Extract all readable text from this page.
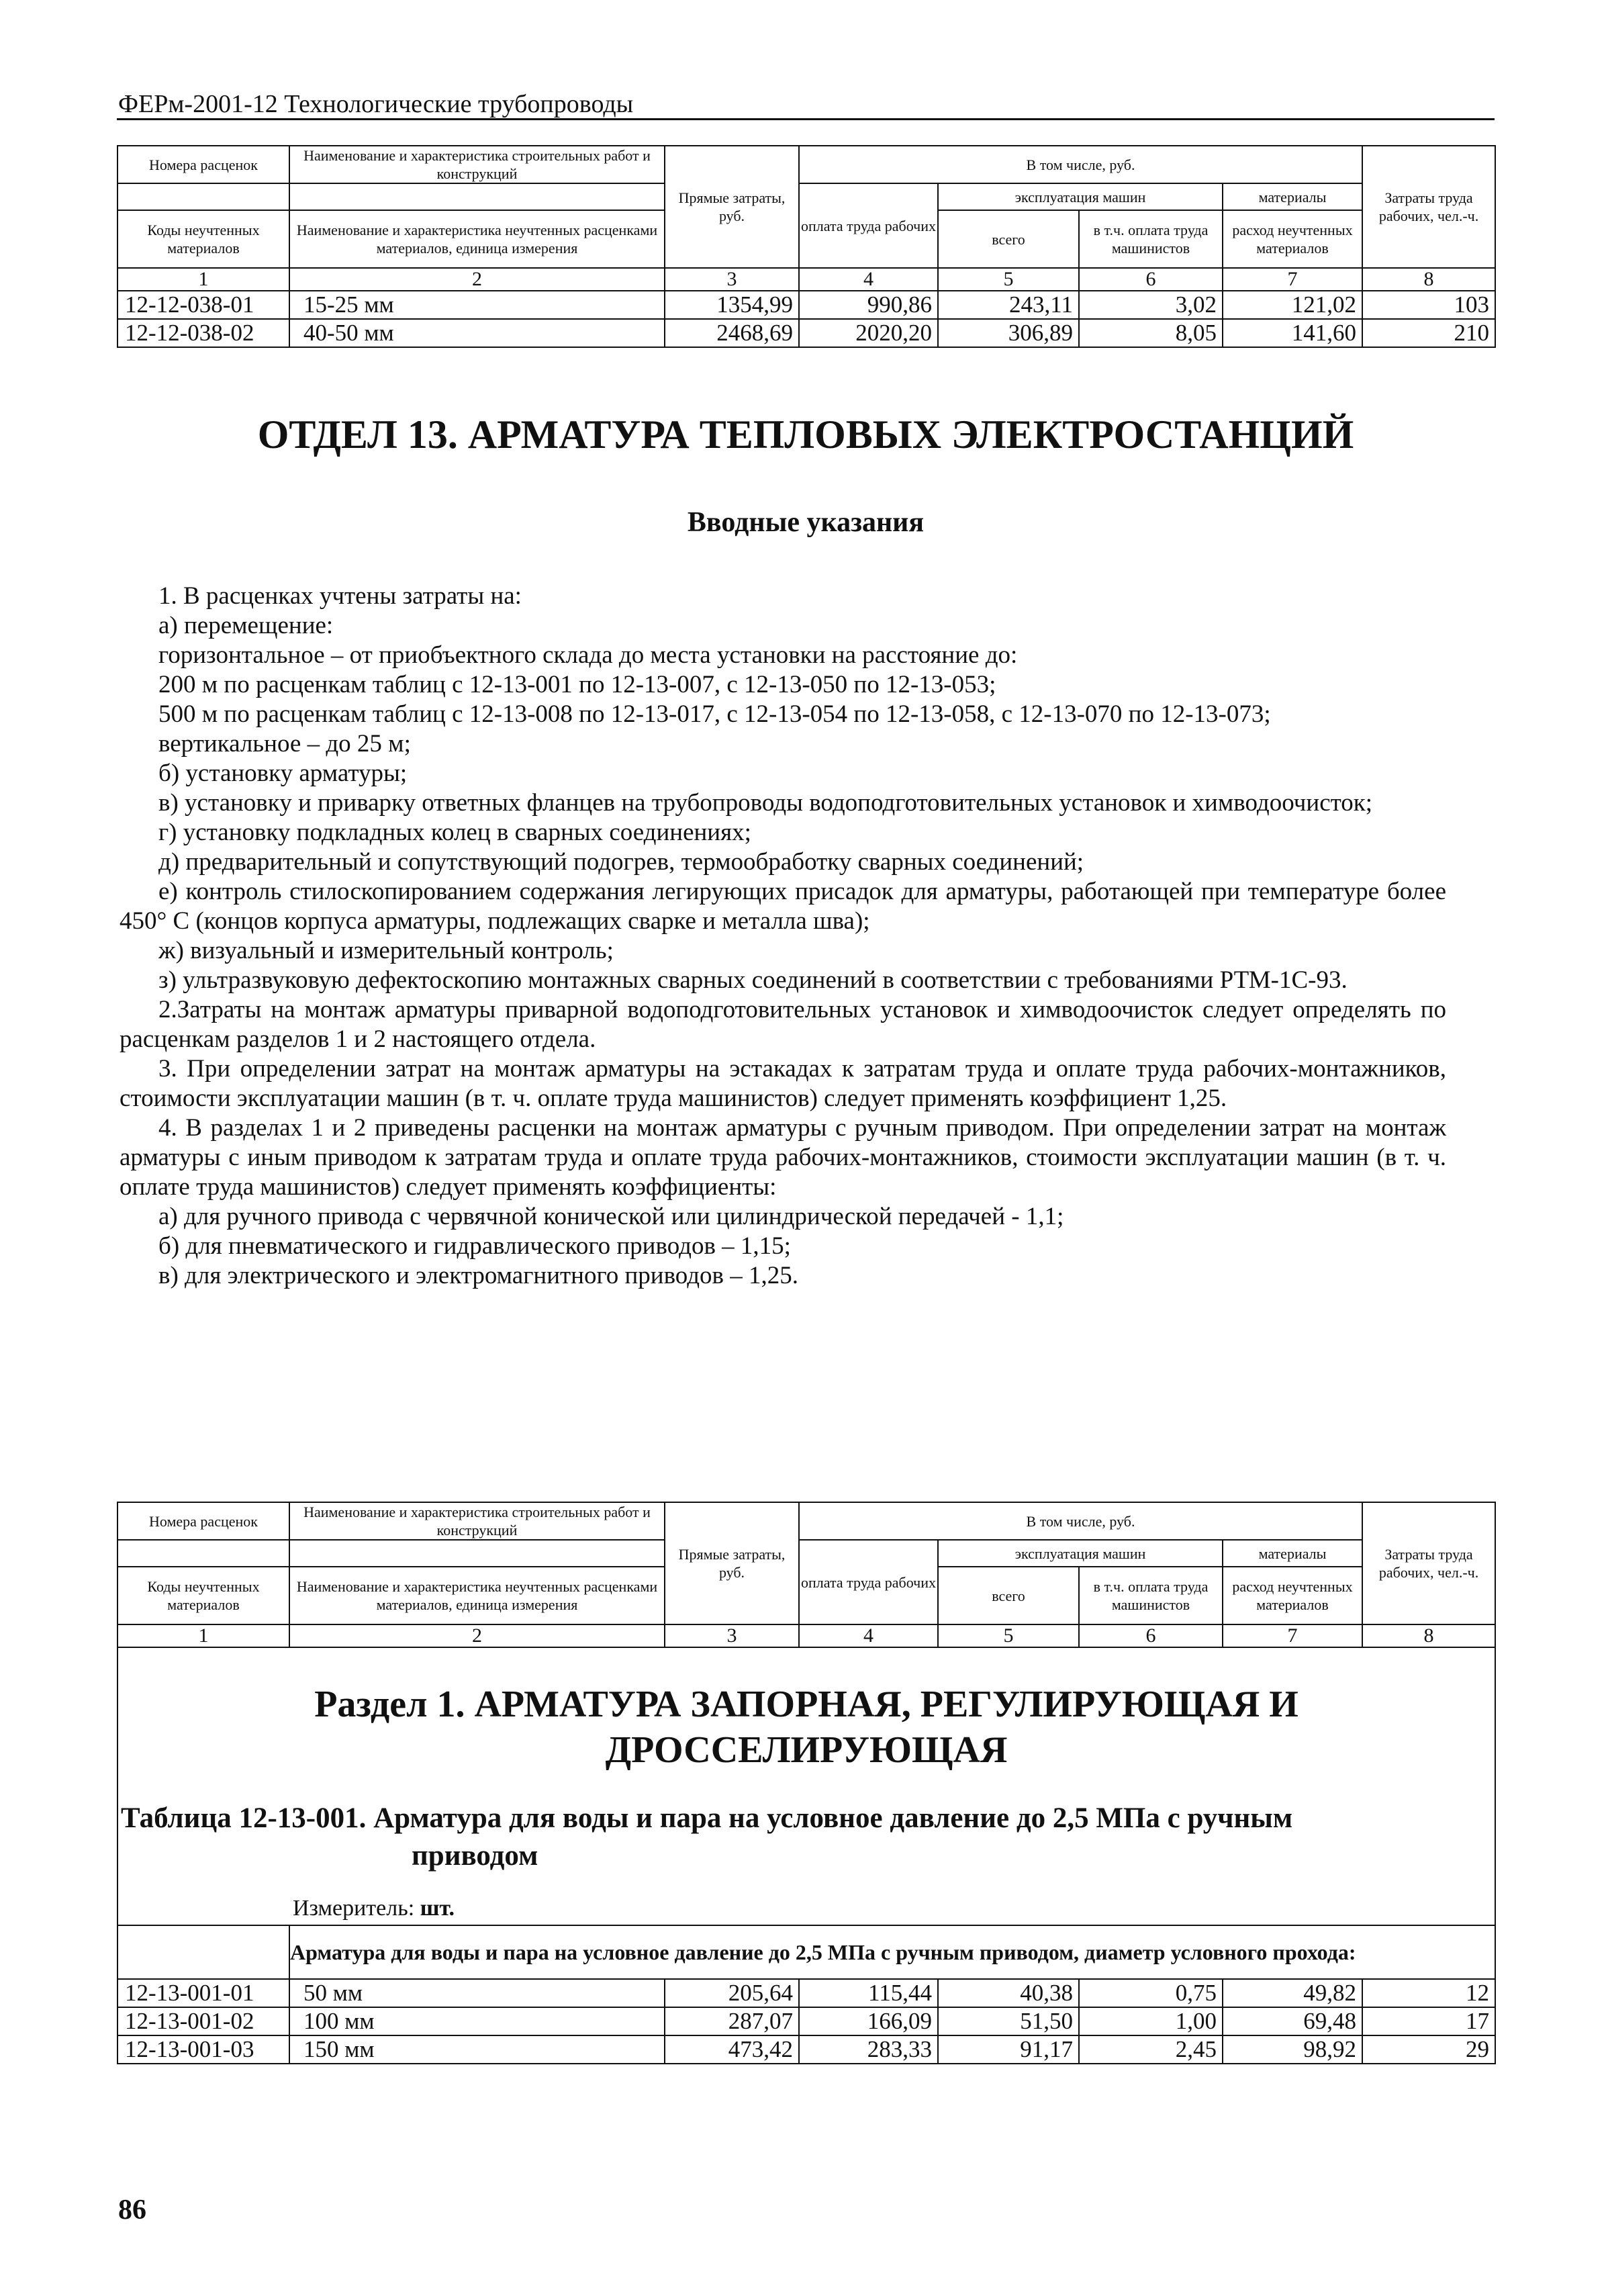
ФЕРм-2001-12 Технологические трубопроводы
Номера расценок	Наименование и характеристика строительных работ и конструкций	Прямые затраты, руб.	В том числе, руб.				Затраты труда рабочих, чел.-ч.
			оплата труда рабочих	эксплуатация машин		материалы	
Коды неучтенных материалов	Наименование и характеристика неучтенных расценками материалов, единица измерения			всего	в т.ч. оплата труда машинистов	расход неучтенных материалов	

1	2	3	4	5	6	7	8
12-12-038-01	15-25 мм	1354,99	990,86	243,11	3,02	121,02	103
12-12-038-02	40-50 мм	2468,69	2020,20	306,89	8,05	141,60	210
ОТДЕЛ 13. АРМАТУРА ТЕПЛОВЫХ ЭЛЕКТРОСТАНЦИЙ
Вводные указания

1. В расценках учтены затраты на:

а) перемещение:

горизонтальное – от приобъектного склада до места установки на расстояние до:

200 м по расценкам таблиц с 12-13-001 по 12-13-007, с 12-13-050 по 12-13-053;

500 м по расценкам таблиц с 12-13-008 по 12-13-017, с 12-13-054 по 12-13-058, с 12-13-070 по 12-13-073;

вертикальное – до 25 м;

б) установку арматуры;

в) установку и приварку ответных фланцев на трубопроводы водоподготовительных установок и химводоочисток;

г) установку подкладных колец в сварных соединениях;

д) предварительный и сопутствующий подогрев, термообработку сварных соединений;

е) контроль стилоскопированием содержания легирующих присадок для арматуры, работающей при температуре более 450° С (концов корпуса арматуры, подлежащих сварке и металла шва);

ж) визуальный и измерительный контроль;

з) ультразвуковую дефектоскопию монтажных сварных соединений в соответствии с требованиями РТМ-1С-93.

2.Затраты на монтаж арматуры приварной водоподготовительных установок и химводоочисток следует определять по расценкам разделов 1 и 2 настоящего отдела.

3. При определении затрат на монтаж арматуры на эстакадах к затратам труда и оплате труда рабочих-монтажников, стоимости эксплуатации машин (в т. ч. оплате труда машинистов) следует применять коэффициент 1,25.

4. В разделах 1 и 2 приведены расценки на монтаж арматуры с ручным приводом. При определении затрат на монтаж арматуры с иным приводом к затратам труда и оплате труда рабочих-монтажников, стоимости эксплуатации машин (в т. ч. оплате труда машинистов) следует применять коэффициенты:

а) для ручного привода с червячной конической или цилиндрической передачей - 1,1;

б) для пневматического и гидравлического приводов – 1,15;

в) для электрического и электромагнитного приводов – 1,25.

Номера расценок	Наименование и характеристика строительных работ и конструкций	Прямые затраты, руб.	В том числе, руб.				Затраты труда рабочих, чел.-ч.
			оплата труда рабочих	эксплуатация машин		материалы	
Коды неучтенных материалов	Наименование и характеристика неучтенных расценками материалов, единица измерения			всего	в т.ч. оплата труда машинистов	расход неучтенных материалов	

1	2	3	4	5	6	7	8

Раздел 1. АРМАТУРА ЗАПОРНАЯ, РЕГУЛИРУЮЩАЯ И ДРОССЕЛИРУЮЩАЯ
Таблица 12-13-001. Арматура для воды и пара на условное давление до 2,5 МПа с ручным
приводом
Измеритель: шт.							

	Арматура для воды и пара на условное давление до 2,5 МПа с ручным приводом, диаметр условного прохода:						
12-13-001-01	50 мм	205,64	115,44	40,38	0,75	49,82	12
12-13-001-02	100 мм	287,07	166,09	51,50	1,00	69,48	17
12-13-001-03	150 мм	473,42	283,33	91,17	2,45	98,92	29
86
